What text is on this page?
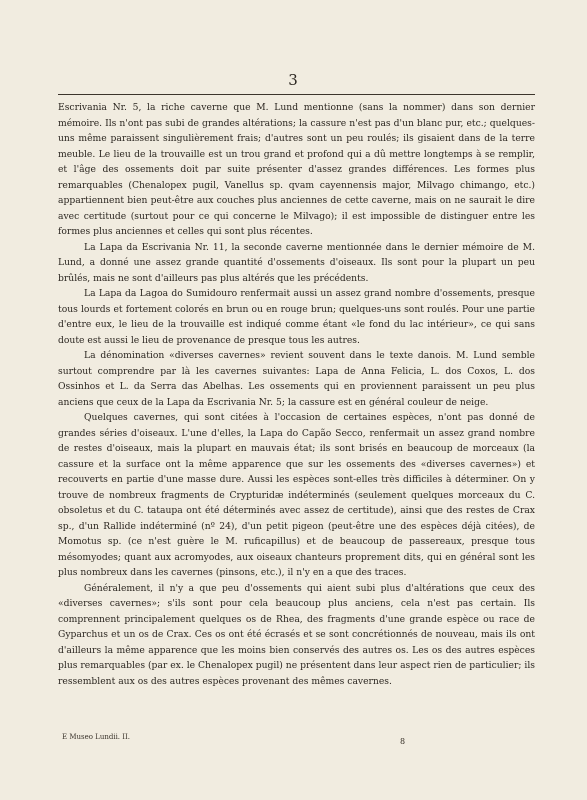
3

Escrivania Nr. 5, la riche caverne que M. Lund mentionne (sans la nommer) dans son dernier mémoire. Ils n'ont pas subi de grandes altérations; la cassure n'est pas d'un blanc pur, etc.; quelques-uns même paraissent singulièrement frais; d'autres sont un peu roulés; ils gisaient dans de la terre meuble. Le lieu de la trouvaille est un trou grand et profond qui a dû mettre longtemps à se remplir, et l'âge des ossements doit par suite présenter d'assez grandes différences. Les formes plus remarquables (Chenalopex pugil, Vanellus sp. qvam cayennensis major, Milvago chimango, etc.) appartiennent bien peut-être aux couches plus anciennes de cette caverne, mais on ne saurait le dire avec certitude (surtout pour ce qui concerne le Milvago); il est impossible de distinguer entre les formes plus anciennes et celles qui sont plus récentes.

La Lapa da Escrivania Nr. 11, la seconde caverne mentionnée dans le dernier mémoire de M. Lund, a donné une assez grande quantité d'ossements d'oiseaux. Ils sont pour la plupart un peu brûlés, mais ne sont d'ailleurs pas plus altérés que les précédents.

La Lapa da Lagoa do Sumidouro renfermait aussi un assez grand nombre d'ossements, presque tous lourds et fortement colorés en brun ou en rouge brun; quelques-uns sont roulés. Pour une partie d'entre eux, le lieu de la trouvaille est indiqué comme étant «le fond du lac intérieur», ce qui sans doute est aussi le lieu de provenance de presque tous les autres.

La dénomination «diverses cavernes» revient souvent dans le texte danois. M. Lund semble surtout comprendre par là les cavernes suivantes: Lapa de Anna Felicia, L. dos Coxos, L. dos Ossinhos et L. da Serra das Abelhas. Les ossements qui en proviennent paraissent un peu plus anciens que ceux de la Lapa da Escrivania Nr. 5; la cassure est en général couleur de neige.

Quelques cavernes, qui sont citées à l'occasion de certaines espèces, n'ont pas donné de grandes séries d'oiseaux. L'une d'elles, la Lapa do Capão Secco, renfermait un assez grand nombre de restes d'oiseaux, mais la plupart en mauvais état; ils sont brisés en beaucoup de morceaux (la cassure et la surface ont la même apparence que sur les ossements des «diverses cavernes») et recouverts en partie d'une masse dure. Aussi les espèces sont-elles très difficiles à déterminer. On y trouve de nombreux fragments de Crypturidæ indéterminés (seulement quelques morceaux du C. obsoletus et du C. tataupa ont été déterminés avec assez de certitude), ainsi que des restes de Crax sp., d'un Rallide indéterminé (nº 24), d'un petit pigeon (peut-être une des espèces déjà citées), de Momotus sp. (ce n'est guère le M. ruficapillus) et de beaucoup de passereaux, presque tous mésomyodes; quant aux acromyodes, aux oiseaux chanteurs proprement dits, qui en général sont les plus nombreux dans les cavernes (pinsons, etc.), il n'y en a que des traces.

Généralement, il n'y a que peu d'ossements qui aient subi plus d'altérations que ceux des «diverses cavernes»; s'ils sont pour cela beaucoup plus anciens, cela n'est pas certain. Ils comprennent principalement quelques os de Rhea, des fragments d'une grande espèce ou race de Gyparchus et un os de Crax. Ces os ont été écrasés et se sont concrétionnés de nouveau, mais ils ont d'ailleurs la même apparence que les moins bien conservés des autres os. Les os des autres espèces plus remarquables (par ex. le Chenalopex pugil) ne présentent dans leur aspect rien de particulier; ils ressemblent aux os des autres espèces provenant des mêmes cavernes.

E Museo Lundii. II.	8
